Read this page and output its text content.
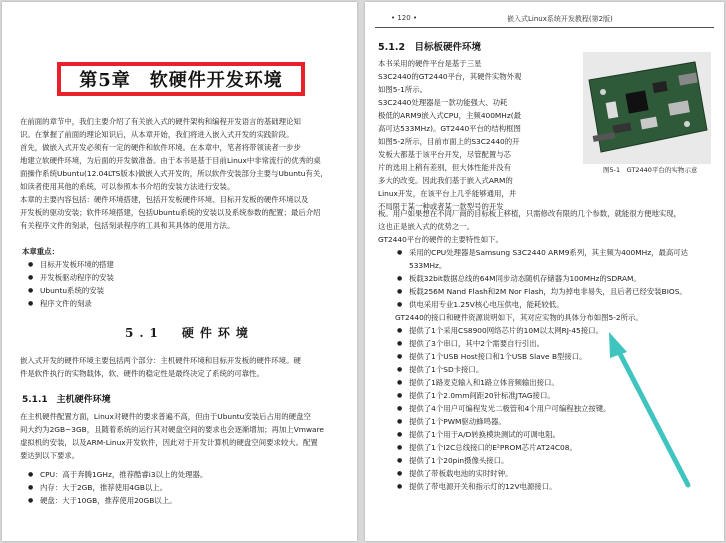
第5章　软硬件开发环境
在前面的章节中，我们主要介绍了有关嵌入式的硬件架构和编程开发语言的基础理论知
识。在掌握了前面的理论知识后，从本章开始，我们将进入嵌入式开发的实践阶段。
首先，做嵌入式开发必须有一定的硬件和软件环境。在本章中，笔者将带领读者一步步
地建立软硬件环境，为后面的开发做准备。由于本书是基于目前Linux中非常流行的优秀的桌
面操作系统Ubuntu(12.04LTS版本)做嵌入式开发的，所以软件安装部分主要与Ubuntu有关，
如读者使用其他的系统，可以参照本书介绍的安装方法进行安装。
本章的主要内容包括：硬件环境搭建，包括开发板硬件环境、目标开发板的硬件环境以及
开发板的驱动安装；软件环境搭建，包括Ubuntu系统的安装以及系统参数的配置；最后介绍
有关程序文件的刻录，包括刻录程序的工具和其具体的使用方法。
本章重点：
● 目标开发板环境的搭建
● 开发板驱动程序的安装
● Ubuntu系统的安装
● 程序文件的刻录
5.1　硬件环境
嵌入式开发的硬件环境主要包括两个部分：主机硬件环境和目标开发板的硬件环境。硬
件是软件执行的实物载体，软、硬件的稳定性是最终决定了系统的可靠性。
5.1.1　主机硬件环境
在主机硬件配置方面，Linux对硬件的要求普遍不高，但由于Ubuntu安装后占用的硬盘空
间大约为2GB~3GB，且随着系统的运行其对硬盘空间的要求也会逐渐增加；再加上Vmware
虚拟机的安装，以及ARM-Linux开发软件，因此对于开发计算机的硬盘空间要求较大。配置
要达到以下要求。
● CPU：高于奔腾1GHz，推荐酷睿i3以上的处理器。
● 内存：大于2GB，推荐使用4GB以上。
● 硬盘：大于10GB，推荐使用20GB以上。
• 120 •	嵌入式Linux系统开发教程(第2版)
5.1.2　目标板硬件环境
本书采用的硬件平台是基于三星
S3C2440的GT2440平台，其硬件实物外观
如图5-1所示。
S3C2440处理器是一款功能强大、功耗
极低的ARM9嵌入式CPU，主频400MHz(最
高可达533MHz)。GT2440平台的结构框图
如图5-2所示，目前市面上的S3C2440的开
发板大都基于该平台开发，尽管配置与芯
片的选用上稍有差别，但大体性能并没有
多大的改变。因此我们基于嵌入式ARM的
Linux开发，在该平台上几乎能够通用，并
不局限于某一种或者某一款型号的开发
图5-1　GT2440平台的实物示意
板。用户如果想在不同厂商的目标板上移植，只需修改有限的几个参数，就能很方便地实现，
这也正是嵌入式的优势之一。
GT2440平台的硬件的主要特性如下。
● 采用的CPU处理器是Samsung S3C2440 ARM9系列，其主频为400MHz，最高可达
533MHz。
● 板载32bit数据总线的64M同步动态随机存储器为100MHz的SDRAM。
● 板载256M Nand Flash和2M Nor Flash，均为掉电非易失，且后者已经安装BIOS。
● 供电采用专业1.25V核心电压供电，能耗较低。
GT2440的接口和硬件资源说明如下，其对应实物的具体分布如图5-2所示。
● 提供了1个采用CS8900网络芯片的10M以太网RJ-45接口。
● 提供了3个串口，其中2个需要自行引出。
● 提供了1个USB Host接口和1个USB Slave B型接口。
● 提供了1个SD卡接口。
● 提供了1路麦克输入和1路立体音频输出接口。
● 提供了1个2.0mm间距20针标准JTAG接口。
● 提供了4个用户可编程发光二极管和4个用户可编程独立按键。
● 提供了1个PWM驱动蜂鸣器。
● 提供了1个用于A/D转换模块测试的可调电阻。
● 提供了1个I2C总线接口的E²PROM芯片AT24C08。
● 提供了1个20pin摄像头接口。
● 提供了带板载电池的实时时钟。
● 提供了带电源开关和指示灯的12V电源接口。
